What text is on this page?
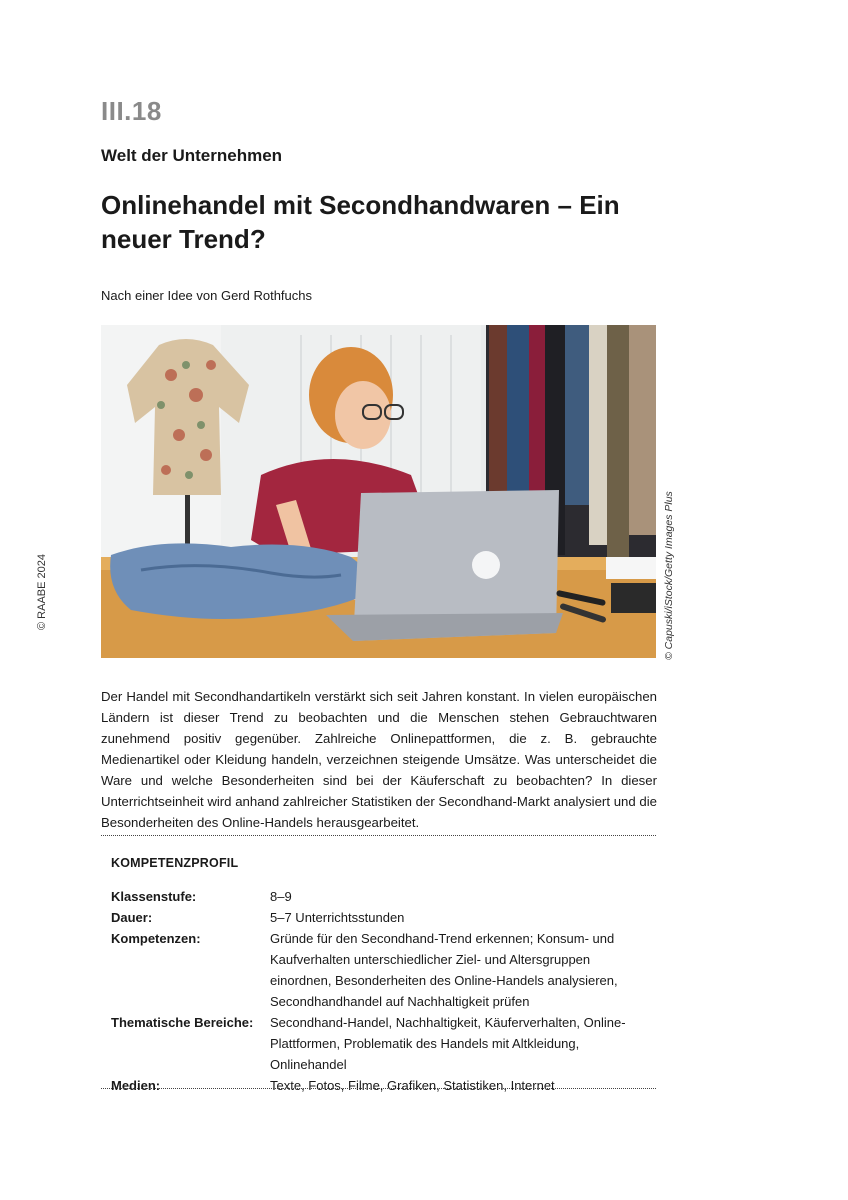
© RAABE 2024
III.18
Welt der Unternehmen
Onlinehandel mit Secondhandwaren – Ein neuer Trend?
Nach einer Idee von Gerd Rothfuchs
© Capuski/iStock/Getty Images Plus
Der Handel mit Secondhandartikeln verstärkt sich seit Jahren konstant. In vielen europäischen Ländern ist dieser Trend zu beobachten und die Menschen stehen Gebrauchtwaren zunehmend positiv gegenüber. Zahlreiche Onlinepattformen, die z. B. gebrauchte Medienartikel oder Kleidung handeln, verzeichnen steigende Umsätze. Was unterscheidet die Ware und welche Besonderheiten sind bei der Käuferschaft zu beobachten? In dieser Unterrichtseinheit wird anhand zahlreicher Statistiken der Secondhand-Markt analysiert und die Besonderheiten des Online-Handels herausgearbeitet.
KOMPETENZPROFIL
Klassenstufe:	8–9
Dauer:	5–7 Unterrichtsstunden
Kompetenzen:	Gründe für den Secondhand-Trend erkennen; Konsum- und Kaufverhalten unterschiedlicher Ziel- und Altersgruppen einordnen, Besonderheiten des Online-Handels analysieren, Secondhandhandel auf Nachhaltigkeit prüfen
Thematische Bereiche:	Secondhand-Handel, Nachhaltigkeit, Käuferverhalten, Online-Plattformen, Problematik des Handels mit Altkleidung, Onlinehandel
Medien:	Texte, Fotos, Filme, Grafiken, Statistiken, Internet
